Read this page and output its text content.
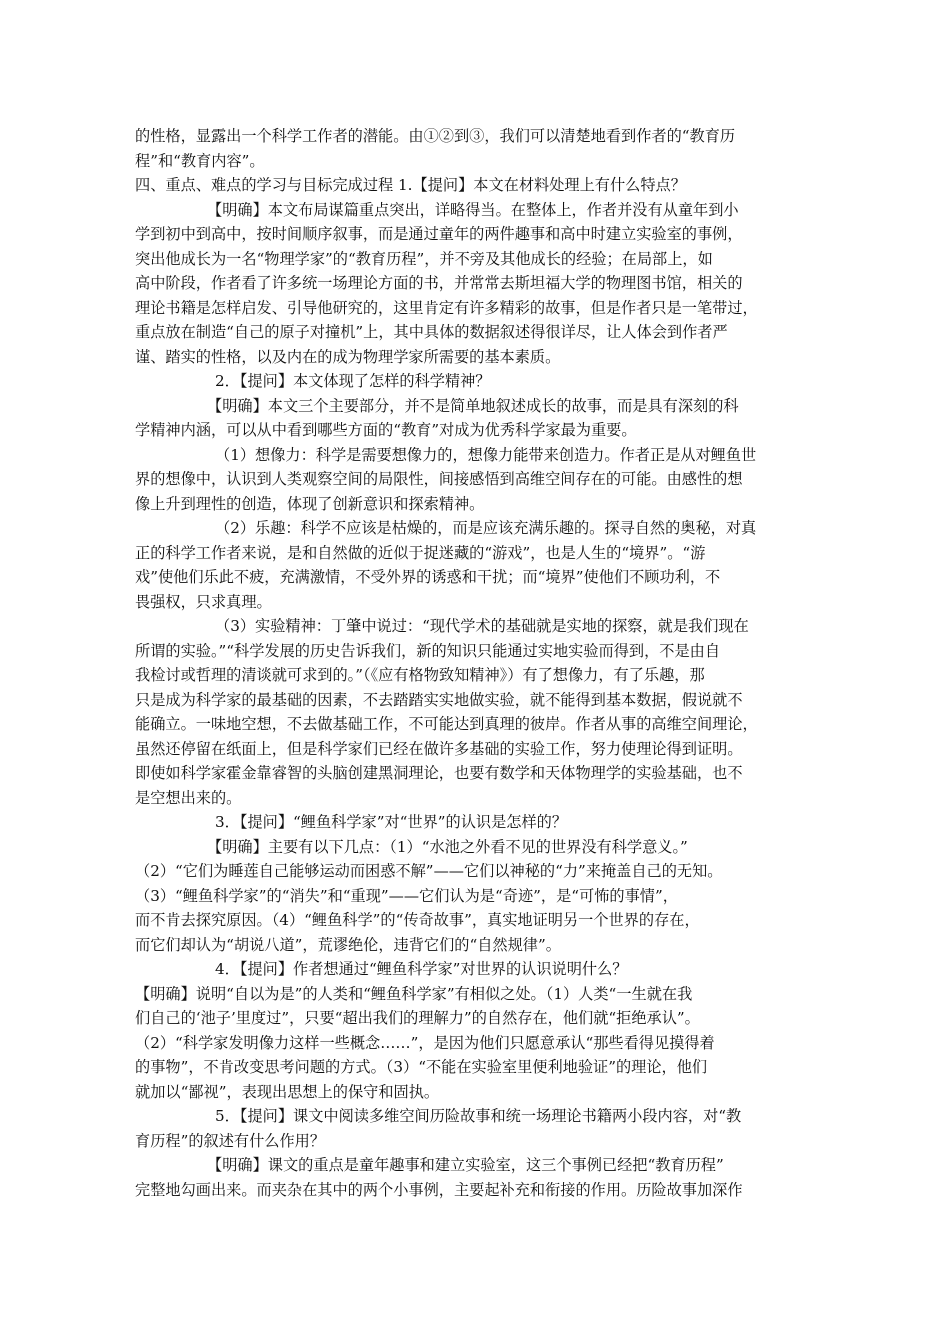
的性格，显露出一个科学工作者的潜能。由①②到③，我们可以清楚地看到作者的“教育历
程”和“教育内容”。

四、重点、难点的学习与目标完成过程 1.【提问】本文在材料处理上有什么特点？

【明确】本文布局谋篇重点突出，详略得当。在整体上，作者并没有从童年到小
学到初中到高中，按时间顺序叙事，而是通过童年的两件趣事和高中时建立实验室的事例，
突出他成长为一名“物理学家”的“教育历程”，并不旁及其他成长的经验；在局部上，如
高中阶段，作者看了许多统一场理论方面的书，并常常去斯坦福大学的物理图书馆，相关的
理论书籍是怎样启发、引导他研究的，这里肯定有许多精彩的故事，但是作者只是一笔带过，
重点放在制造“自己的原子对撞机”上，其中具体的数据叙述得很详尽，让人体会到作者严
谨、踏实的性格，以及内在的成为物理学家所需要的基本素质。

2．【提问】本文体现了怎样的科学精神？

【明确】本文三个主要部分，并不是简单地叙述成长的故事，而是具有深刻的科
学精神内涵，可以从中看到哪些方面的“教育”对成为优秀科学家最为重要。

（1）想像力：科学是需要想像力的，想像力能带来创造力。作者正是从对鲤鱼世
界的想像中，认识到人类观察空间的局限性，间接感悟到高维空间存在的可能。由感性的想
像上升到理性的创造，体现了创新意识和探索精神。

（2）乐趣：科学不应该是枯燥的，而是应该充满乐趣的。探寻自然的奥秘，对真
正的科学工作者来说，是和自然做的近似于捉迷藏的“游戏”，也是人生的“境界”。“游
戏”使他们乐此不疲，充满激情，不受外界的诱惑和干扰；而“境界”使他们不顾功利，不
畏强权，只求真理。

（3）实验精神：丁肇中说过：“现代学术的基础就是实地的探察，就是我们现在
所谓的实验。”“科学发展的历史告诉我们，新的知识只能通过实地实验而得到，不是由自
我检讨或哲理的清谈就可求到的。”（《应有格物致知精神》）有了想像力，有了乐趣，那
只是成为科学家的最基础的因素，不去踏踏实实地做实验，就不能得到基本数据，假说就不
能确立。一味地空想，不去做基础工作，不可能达到真理的彼岸。作者从事的高维空间理论，
虽然还停留在纸面上，但是科学家们已经在做许多基础的实验工作，努力使理论得到证明。
即使如科学家霍金靠睿智的头脑创建黑洞理论，也要有数学和天体物理学的实验基础，也不
是空想出来的。

3．【提问】“鲤鱼科学家”对“世界”的认识是怎样的？

【明确】主要有以下几点：（1）“水池之外看不见的世界没有科学意义。”
（2）“它们为睡莲自己能够运动而困惑不解”——它们以神秘的“力”来掩盖自己的无知。
（3）“鲤鱼科学家”的“消失”和“重现”——它们认为是“奇迹”，是“可怖的事情”，
而不肯去探究原因。（4）“鲤鱼科学”的“传奇故事”，真实地证明另一个世界的存在，
而它们却认为“胡说八道”，荒谬绝伦，违背它们的“自然规律”。

4．【提问】作者想通过“鲤鱼科学家”对世界的认识说明什么？

【明确】说明“自以为是”的人类和“鲤鱼科学家”有相似之处。（1）人类“一生就在我
们自己的‘池子’里度过”，只要“超出我们的理解力”的自然存在，他们就“拒绝承认”。
（2）“科学家发明像力这样一些概念……”，是因为他们只愿意承认“那些看得见摸得着
的事物”，不肯改变思考问题的方式。（3）“不能在实验室里便利地验证”的理论，他们
就加以“鄙视”，表现出思想上的保守和固执。

5．【提问】课文中阅读多维空间历险故事和统一场理论书籍两小段内容，对“教
育历程”的叙述有什么作用？

【明确】课文的重点是童年趣事和建立实验室，这三个事例已经把“教育历程”
完整地勾画出来。而夹杂在其中的两个小事例，主要起补充和衔接的作用。历险故事加深作
